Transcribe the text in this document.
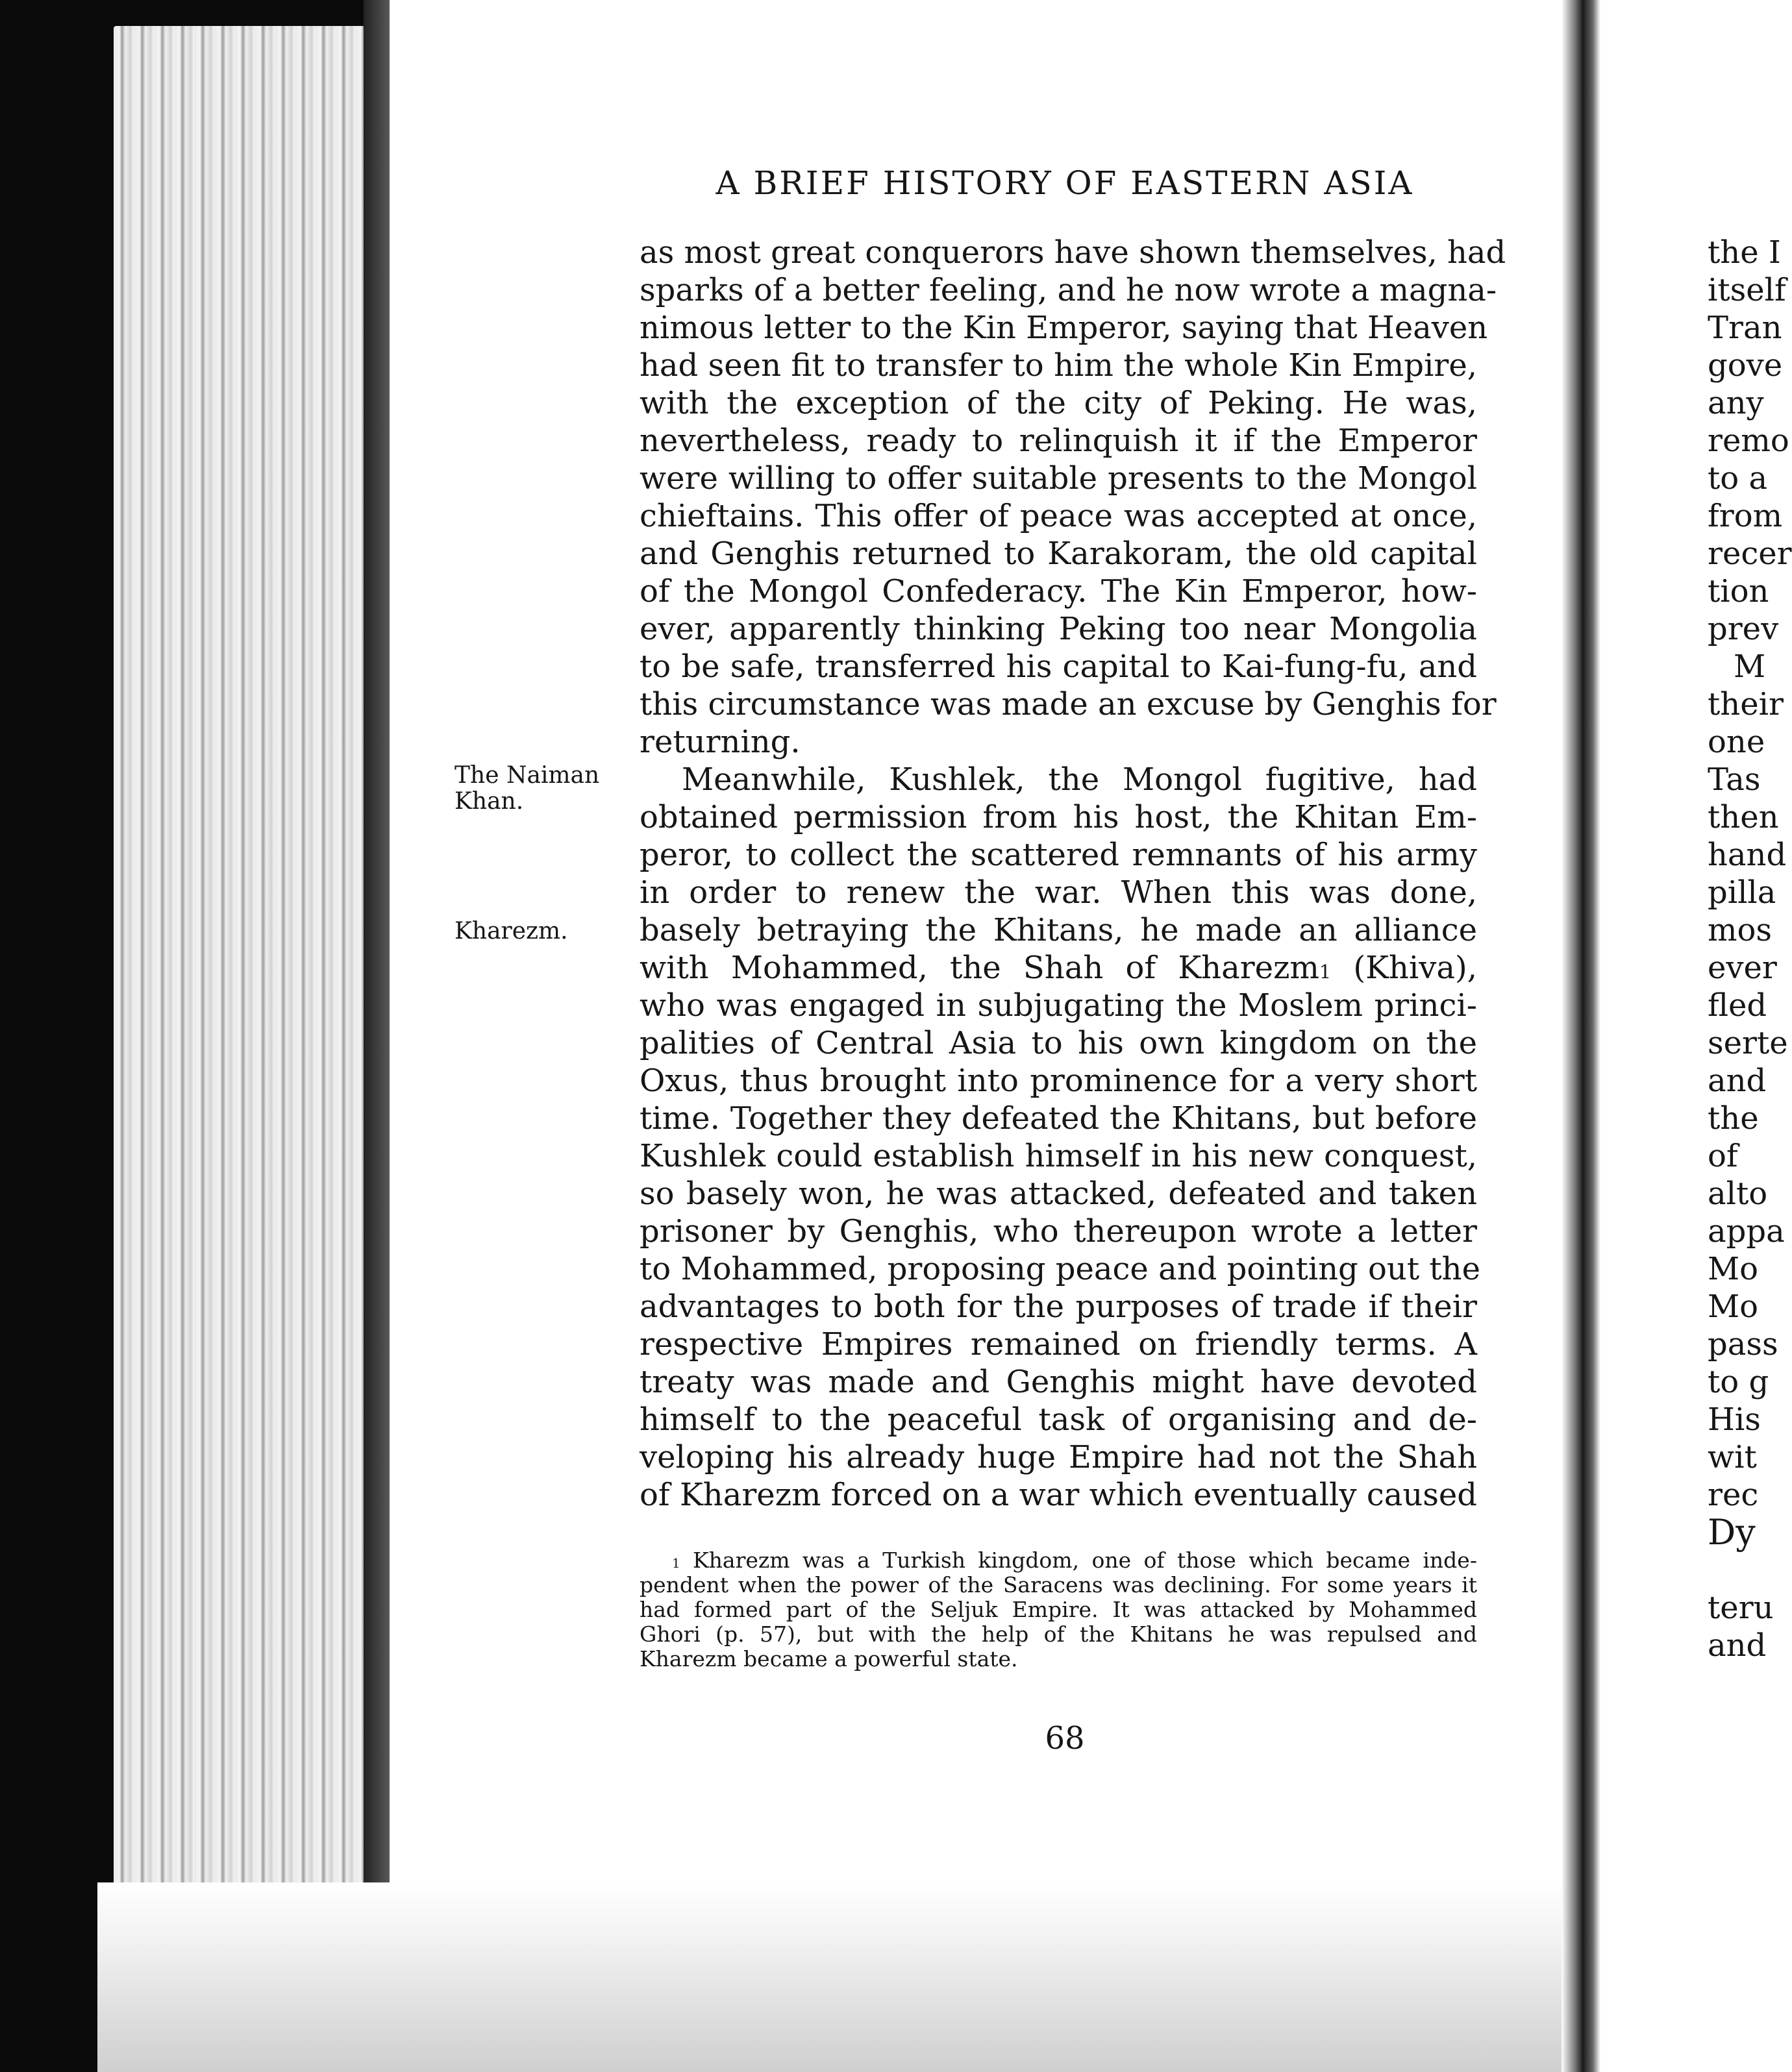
A BRIEF HISTORY OF EASTERN ASIA
The Naiman Khan.
Kharezm.
as most great conquerors have shown themselves, had
sparks of a better feeling, and he now wrote a magna-
nimous letter to the Kin Emperor, saying that Heaven
had seen fit to transfer to him the whole Kin Empire,
with the exception of the city of Peking. He was,
nevertheless, ready to relinquish it if the Emperor
were willing to offer suitable presents to the Mongol
chieftains. This offer of peace was accepted at once,
and Genghis returned to Karakoram, the old capital
of the Mongol Confederacy. The Kin Emperor, how-
ever, apparently thinking Peking too near Mongolia
to be safe, transferred his capital to Kai-fung-fu, and
this circumstance was made an excuse by Genghis for
returning.
Meanwhile, Kushlek, the Mongol fugitive, had
obtained permission from his host, the Khitan Em-
peror, to collect the scattered remnants of his army
in order to renew the war. When this was done,
basely betraying the Khitans, he made an alliance
with Mohammed, the Shah of Kharezm$^1$ (Khiva),
who was engaged in subjugating the Moslem princi-
palities of Central Asia to his own kingdom on the
Oxus, thus brought into prominence for a very short
time. Together they defeated the Khitans, but before
Kushlek could establish himself in his new conquest,
so basely won, he was attacked, defeated and taken
prisoner by Genghis, who thereupon wrote a letter
to Mohammed, proposing peace and pointing out the
advantages to both for the purposes of trade if their
respective Empires remained on friendly terms. A
treaty was made and Genghis might have devoted
himself to the peaceful task of organising and de-
veloping his already huge Empire had not the Shah
of Kharezm forced on a war which eventually caused
$^1$ Kharezm was a Turkish kingdom, one of those which became inde-
pendent when the power of the Saracens was declining. For some years it
had formed part of the Seljuk Empire. It was attacked by Mohammed
Ghori (p. 57), but with the help of the Khitans he was repulsed and
Kharezm became a powerful state.
68
the I
itself
Tran
gove
any
remo
to a
from
recer
tion
prev
M
their
one
Tas
then
hand
pilla
mos
ever
fled
serte
and
the
of
alto
appa
Mo
Mo
pass
to g
His
wit
rec
Dy
teru
and
